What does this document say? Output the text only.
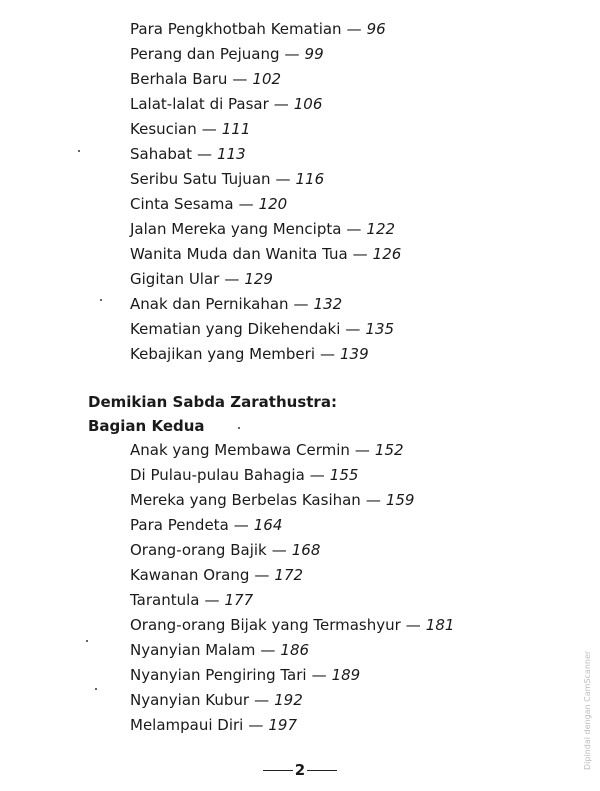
Para Pengkhotbah Kematian — 96
Perang dan Pejuang — 99
Berhala Baru — 102
Lalat-lalat di Pasar — 106
Kesucian — 111
Sahabat — 113
Seribu Satu Tujuan — 116
Cinta Sesama — 120
Jalan Mereka yang Mencipta — 122
Wanita Muda dan Wanita Tua — 126
Gigitan Ular — 129
Anak dan Pernikahan — 132
Kematian yang Dikehendaki — 135
Kebajikan yang Memberi — 139
Demikian Sabda Zarathustra:
Bagian Kedua
Anak yang Membawa Cermin — 152
Di Pulau-pulau Bahagia — 155
Mereka yang Berbelas Kasihan — 159
Para Pendeta — 164
Orang-orang Bajik — 168
Kawanan Orang — 172
Tarantula — 177
Orang-orang Bijak yang Termashyur — 181
Nyanyian Malam — 186
Nyanyian Pengiring Tari — 189
Nyanyian Kubur — 192
Melampaui Diri — 197
2	Dipindai dengan CamScanner
